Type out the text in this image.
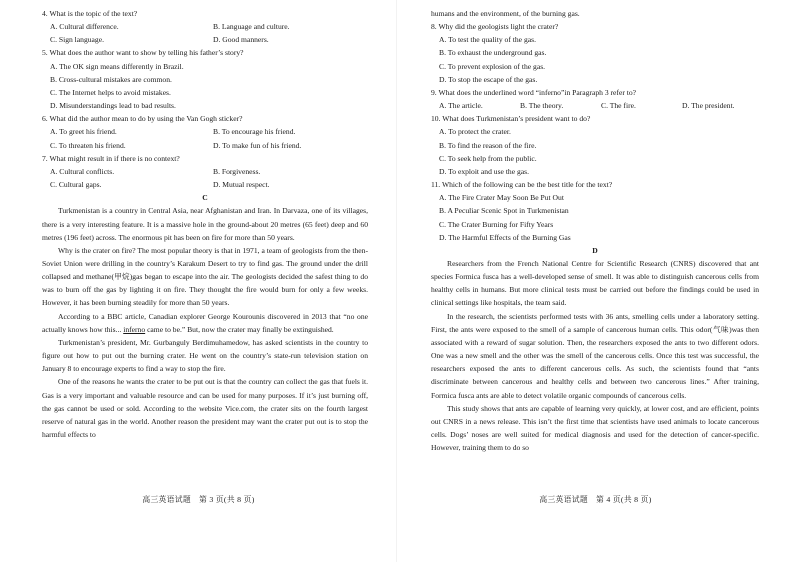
4. What is the topic of the text?
A. Cultural difference.	B. Language and culture.
C. Sign language.	D. Good manners.
5. What does the author want to show by telling his father’s story?
A. The OK sign means differently in Brazil.
B. Cross-cultural mistakes are common.
C. The Internet helps to avoid mistakes.
D. Misunderstandings lead to bad results.
6. What did the author mean to do by using the Van Gogh sticker?
A. To greet his friend.	B. To encourage his friend.
C. To threaten his friend.	D. To make fun of his friend.
7. What might result in if there is no context?
A. Cultural conflicts.	B. Forgiveness.
C. Cultural gaps.	D. Mutual respect.
C
Turkmenistan is a country in Central Asia, near Afghanistan and Iran. In Darvaza, one of its villages, there is a very interesting feature. It is a massive hole in the ground-about 20 metres (65 feet) deep and 60 metres (196 feet) across. The enormous pit has been on fire for more than 50 years.
Why is the crater on fire? The most popular theory is that in 1971, a team of geologists from the then-Soviet Union were drilling in the country’s Karakum Desert to try to find gas. The ground under the drill collapsed and methane(甲烷)gas began to escape into the air. The geologists decided the safest thing to do was to burn off the gas by lighting it on fire. They thought the fire would burn for only a few weeks. However, it has been burning steadily for more than 50 years.
According to a BBC article, Canadian explorer George Kourounis discovered in 2013 that “no one actually knows how this... inferno came to be.” But, now the crater may finally be extinguished.
Turkmenistan’s president, Mr. Gurbanguly Berdimuhamedow, has asked scientists in the country to figure out how to put out the burning crater. He went on the country’s state-run television station on January 8 to encourage experts to find a way to stop the fire.
One of the reasons he wants the crater to be put out is that the country can collect the gas that fuels it. Gas is a very important and valuable resource and can be used for many purposes. If it’s just burning off, the gas cannot be used or sold. According to the website Vice.com, the crater sits on the fourth largest reserve of natural gas in the world. Another reason the president may want the crater put out is to stop the harmful effects to
高三英语试题　第 3 页(共 8 页)
humans and the environment, of the burning gas.
8. Why did the geologists light the crater?
A. To test the quality of the gas.
B. To exhaust the underground gas.
C. To prevent explosion of the gas.
D. To stop the escape of the gas.
9. What does the underlined word “inferno”in Paragraph 3 refer to?
A. The article.	B. The theory.	C. The fire.	D. The president.
10. What does Turkmenistan’s president want to do?
A. To protect the crater.
B. To find the reason of the fire.
C. To seek help from the public.
D. To exploit and use the gas.
11. Which of the following can be the best title for the text?
A. The Fire Crater May Soon Be Put Out
B. A Peculiar Scenic Spot in Turkmenistan
C. The Crater Burning for Fifty Years
D. The Harmful Effects of the Burning Gas
D
Researchers from the French National Centre for Scientific Research (CNRS) discovered that ant species Formica fusca has a well-developed sense of smell. It was able to distinguish cancerous cells from healthy cells in humans. But more clinical tests must be carried out before the findings could be used in clinical settings like hospitals, the team said.
In the research, the scientists performed tests with 36 ants, smelling cells under a laboratory setting. First, the ants were exposed to the smell of a sample of cancerous human cells. This odor(气味)was then associated with a reward of sugar solution. Then, the researchers exposed the ants to two different odors. One was a new smell and the other was the smell of the cancerous cells. Once this test was successful, the researchers exposed the ants to different cancerous cells. As such, the scientists found that “ants discriminate between cancerous and healthy cells and between two cancerous lines.” After training, Formica fusca ants are able to detect volatile organic compounds of cancerous cells.
This study shows that ants are capable of learning very quickly, at lower cost, and are efficient, points out CNRS in a news release. This isn’t the first time that scientists have used animals to locate cancerous cells. Dogs’ noses are well suited for medical diagnosis and used for the detection of cancer-specific. However, training them to do so
高三英语试题　第 4 页(共 8 页)
